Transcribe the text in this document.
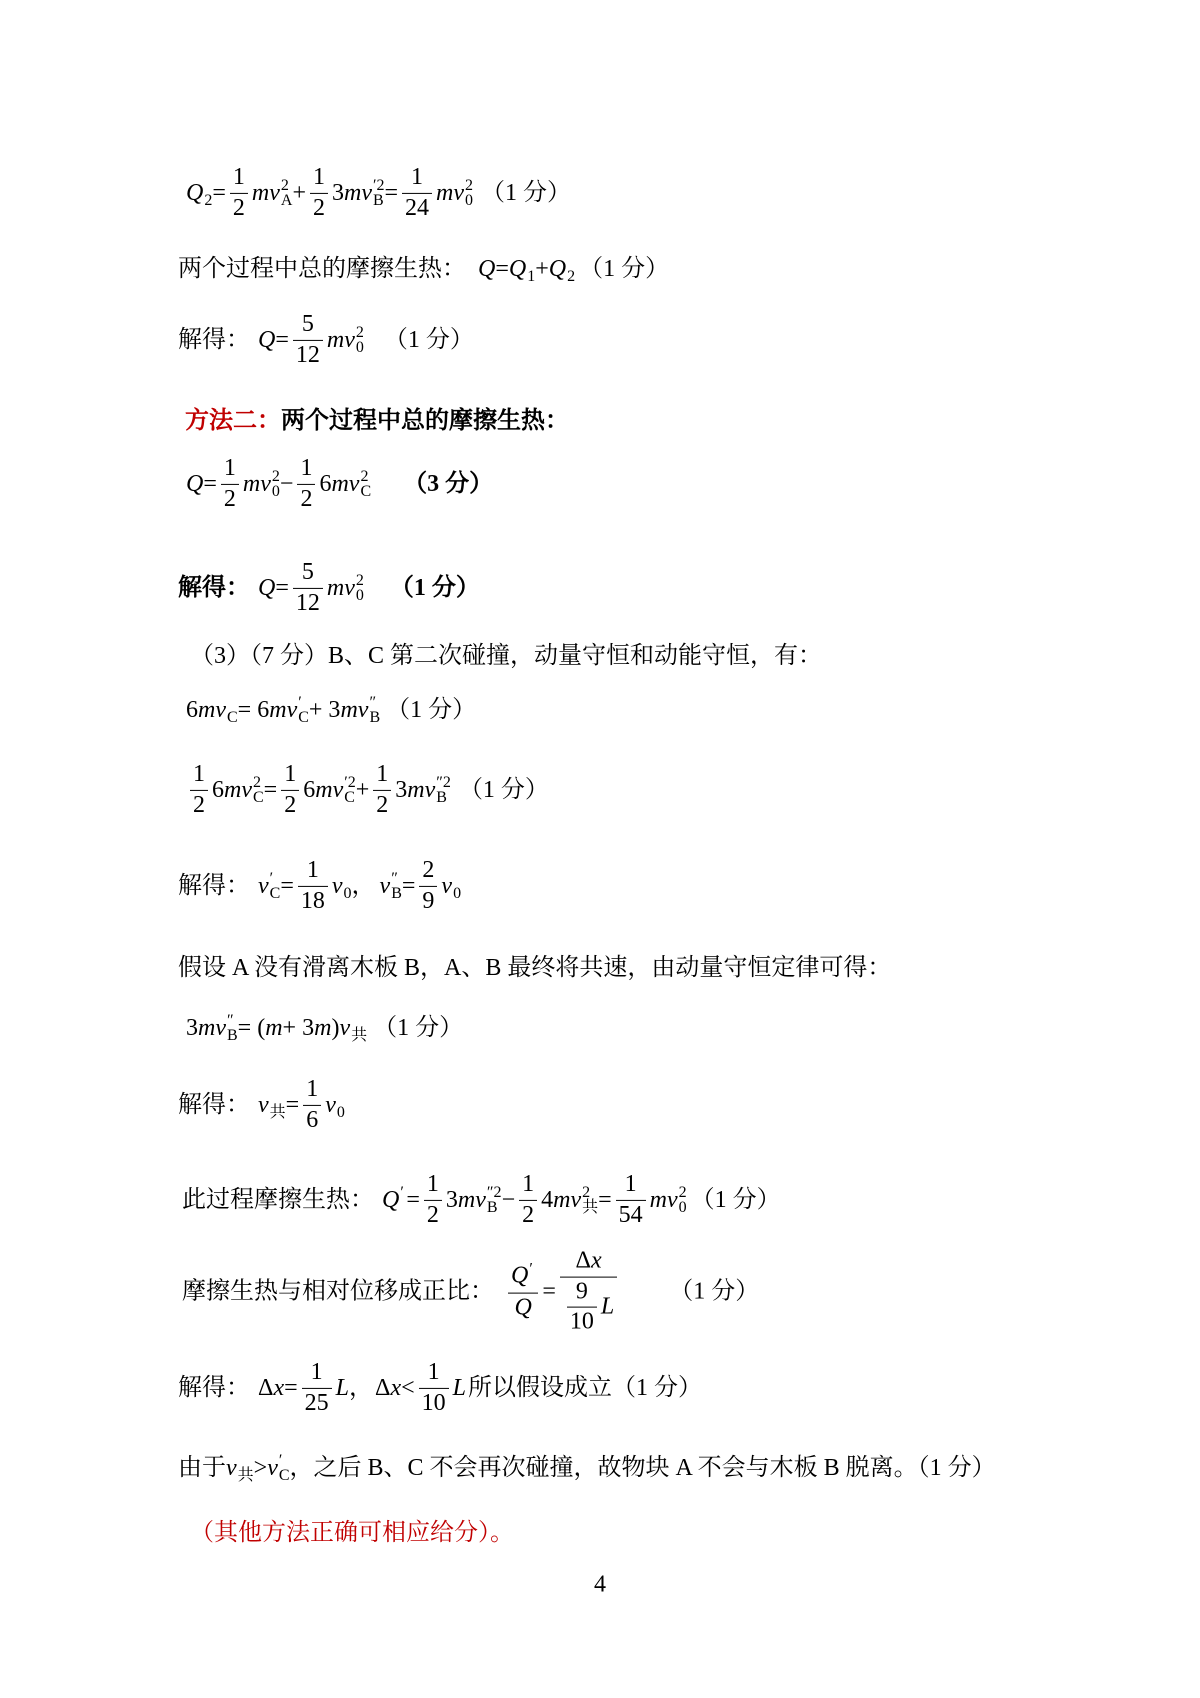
Q $2 = \frac{1}{2}$ m v 2
$A + \frac{1}{2} 3$ m v ′2
$B = \frac{1}{24}$ m v 2
0 （1 分）
两个过程中总的摩擦生热： Q = Q 1 + Q 2 （1 分）
解得： $Q = \frac{5}{12}$ m v 2
0 （1 分）
方法二： 两个过程中总的摩擦生热：
$Q = \frac{1}{2}$ m v 2
$0 - \frac{1}{2} 6$ m v 2
C （3 分）
解得： $Q = \frac{5}{12}$ m v 2
0 （1 分）
（3）（7 分）B、C 第二次碰撞，动量守恒和动能守恒，有：
6 m v C = 6 m v ′
C + 3 m v ″
B （1 分）
$\frac{1}{2} 6$ m v 2
$C = \frac{1}{2} 6$ m v ′2
$C + \frac{1}{2} 3$ m v ″2
B （1 分）
解得： v ′
$C = \frac{1}{18}$ v 0 ， v ″
$B = \frac{2}{9}$ v 0
假设 A 没有滑离木板 B，A、B 最终将共速，由动量守恒定律可得：
3 m v ″
B = ( m + 3 m ) v 共 （1 分）
解得： v 共 = $\frac{1}{6}$ v 0
此过程摩擦生热： Q ′ = $\frac{1}{2} 3$ m v ″2
$B - \frac{1}{2} 4$ m v 2
共 = $\frac{1}{54}$ m v 2
0 （1 分）
摩擦生热与相对位移成正比： $\frac{Q '}{Q} = \frac{\text{Δ x}}{\frac{9}{10} L} (1$ 分）
解得： Δ $x = \frac{1}{25}$ L ， Δ $x < \frac{1}{10}$ L 所以假设成立（1 分）
由于 v 共 > v ′
C ，之后 B、C 不会再次碰撞，故物块 A 不会与木板 B 脱离。（1 分）
（其他方法正确可相应给分）。
4
